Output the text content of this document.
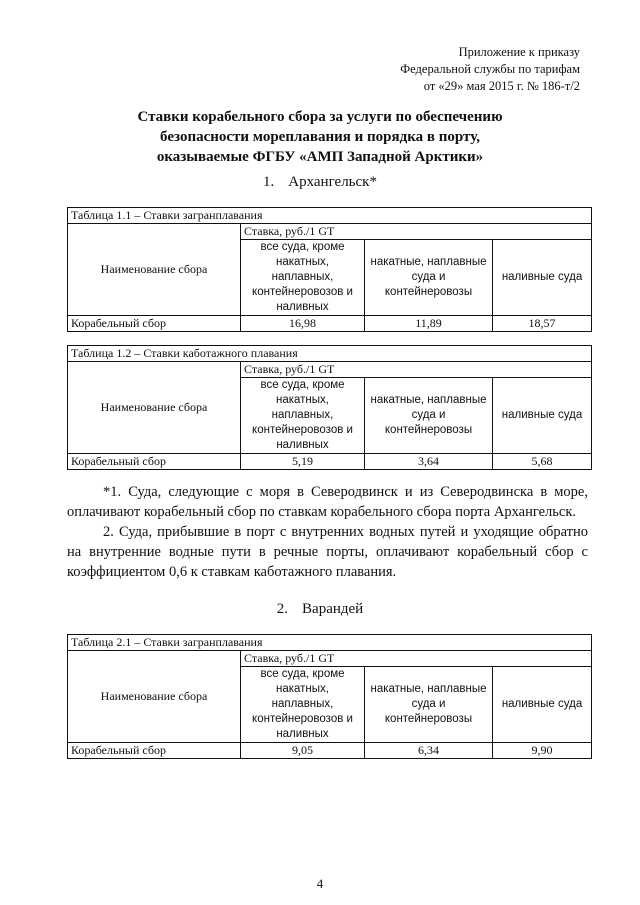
Приложение к приказу
Федеральной службы по тарифам
от «29» мая 2015 г. № 186-т/2
Ставки корабельного сбора за услуги по обеспечению
безопасности мореплавания и порядка в порту,
оказываемые ФГБУ «АМП Западной Арктики»
1. Архангельск*
Таблица 1.1 – Ставки загранплавания			
Наименование сбора	Ставка, руб./1 GT		
	все суда, кроме накатных, наплавных, контейнеровозов и наливных	накатные, наплавные суда и контейнеровозы	наливные суда
Корабельный сбор	16,98	11,89	18,57
Таблица 1.2 – Ставки каботажного плавания			
Наименование сбора	Ставка, руб./1 GT		
	все суда, кроме накатных, наплавных, контейнеровозов и наливных	накатные, наплавные суда и контейнеровозы	наливные суда
Корабельный сбор	5,19	3,64	5,68

*1. Суда, следующие с моря в Северодвинск и из Северодвинска в море, оплачивают корабельный сбор по ставкам корабельного сбора порта Архангельск.

2. Суда, прибывшие в порт с внутренних водных путей и уходящие обратно на внутренние водные пути в речные порты, оплачивают корабельный сбор с коэффициентом 0,6 к ставкам каботажного плавания.

2. Варандей
Таблица 2.1 – Ставки загранплавания			
Наименование сбора	Ставка, руб./1 GT		
	все суда, кроме накатных, наплавных, контейнеровозов и наливных	накатные, наплавные суда и контейнеровозы	наливные суда
Корабельный сбор	9,05	6,34	9,90
4
